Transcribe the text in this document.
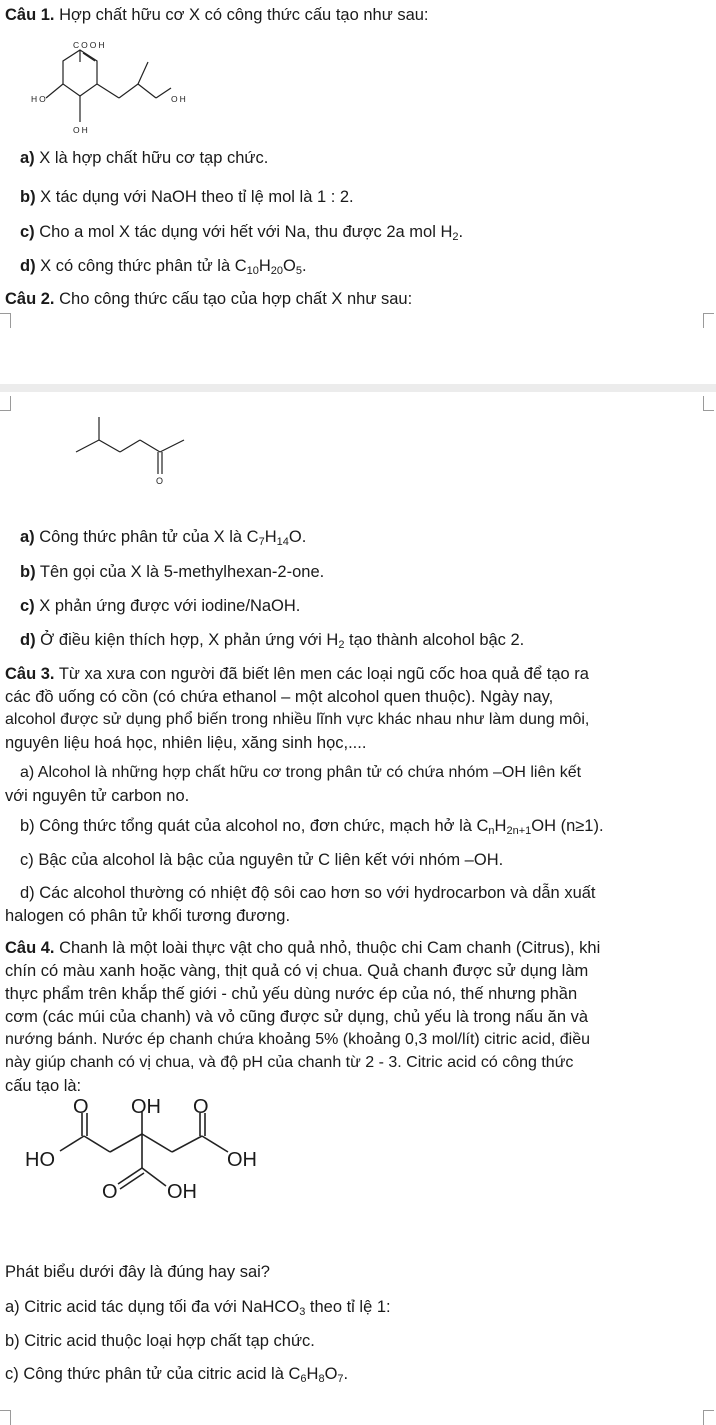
Câu 1. Hợp chất hữu cơ X có công thức cấu tạo như sau:
COOH
HO	OH
OH
a) X là hợp chất hữu cơ tạp chức.
b) X tác dụng với NaOH theo tỉ lệ mol là 1 : 2.
c) Cho a mol X tác dụng với hết với Na, thu được 2a mol $H_2$.
d) X có công thức phân tử là $C_{10}H_{20}O_5$.
Câu 2. Cho công thức cấu tạo của hợp chất X như sau:
O
a) Công thức phân tử của X là $C_7H_{14}O$.
b) Tên gọi của X là 5-methylhexan-2-one.
c) X phản ứng được với iodine/NaOH.
d) Ở điều kiện thích hợp, X phản ứng với $H_2$ tạo thành alcohol bậc 2.
Câu 3. Từ xa xưa con người đã biết lên men các loại ngũ cốc hoa quả để tạo ra
các đồ uống có cồn (có chứa ethanol – một alcohol quen thuộc). Ngày nay,
alcohol được sử dụng phổ biến trong nhiều lĩnh vực khác nhau như làm dung môi,
nguyên liệu hoá học, nhiên liệu, xăng sinh học,....
a) Alcohol là những hợp chất hữu cơ trong phân tử có chứa nhóm –OH liên kết
với nguyên tử carbon no.
b) Công thức tổng quát của alcohol no, đơn chức, mạch hở là $C_nH_{2n+1}OH$ (n≥1).
c) Bậc của alcohol là bậc của nguyên tử C liên kết với nhóm –OH.
d) Các alcohol thường có nhiệt độ sôi cao hơn so với hydrocarbon và dẫn xuất
halogen có phân tử khối tương đương.
Câu 4. Chanh là một loài thực vật cho quả nhỏ, thuộc chi Cam chanh (Citrus), khi
chín có màu xanh hoặc vàng, thịt quả có vị chua. Quả chanh được sử dụng làm
thực phẩm trên khắp thế giới - chủ yếu dùng nước ép của nó, thế nhưng phần
cơm (các múi của chanh) và vỏ cũng được sử dụng, chủ yếu là trong nấu ăn và
nướng bánh. Nước ép chanh chứa khoảng 5% (khoảng 0,3 mol/lít) citric acid, điều
này giúp chanh có vị chua, và độ pH của chanh từ 2 - 3. Citric acid có công thức
cấu tạo là:
O OH O
HO	OH
O OH
Phát biểu dưới đây là đúng hay sai?
a) Citric acid tác dụng tối đa với NaHCO$_3$ theo tỉ lệ 1:
b) Citric acid thuộc loại hợp chất tạp chức.
c) Công thức phân tử của citric acid là $C_6H_8O_7$.
